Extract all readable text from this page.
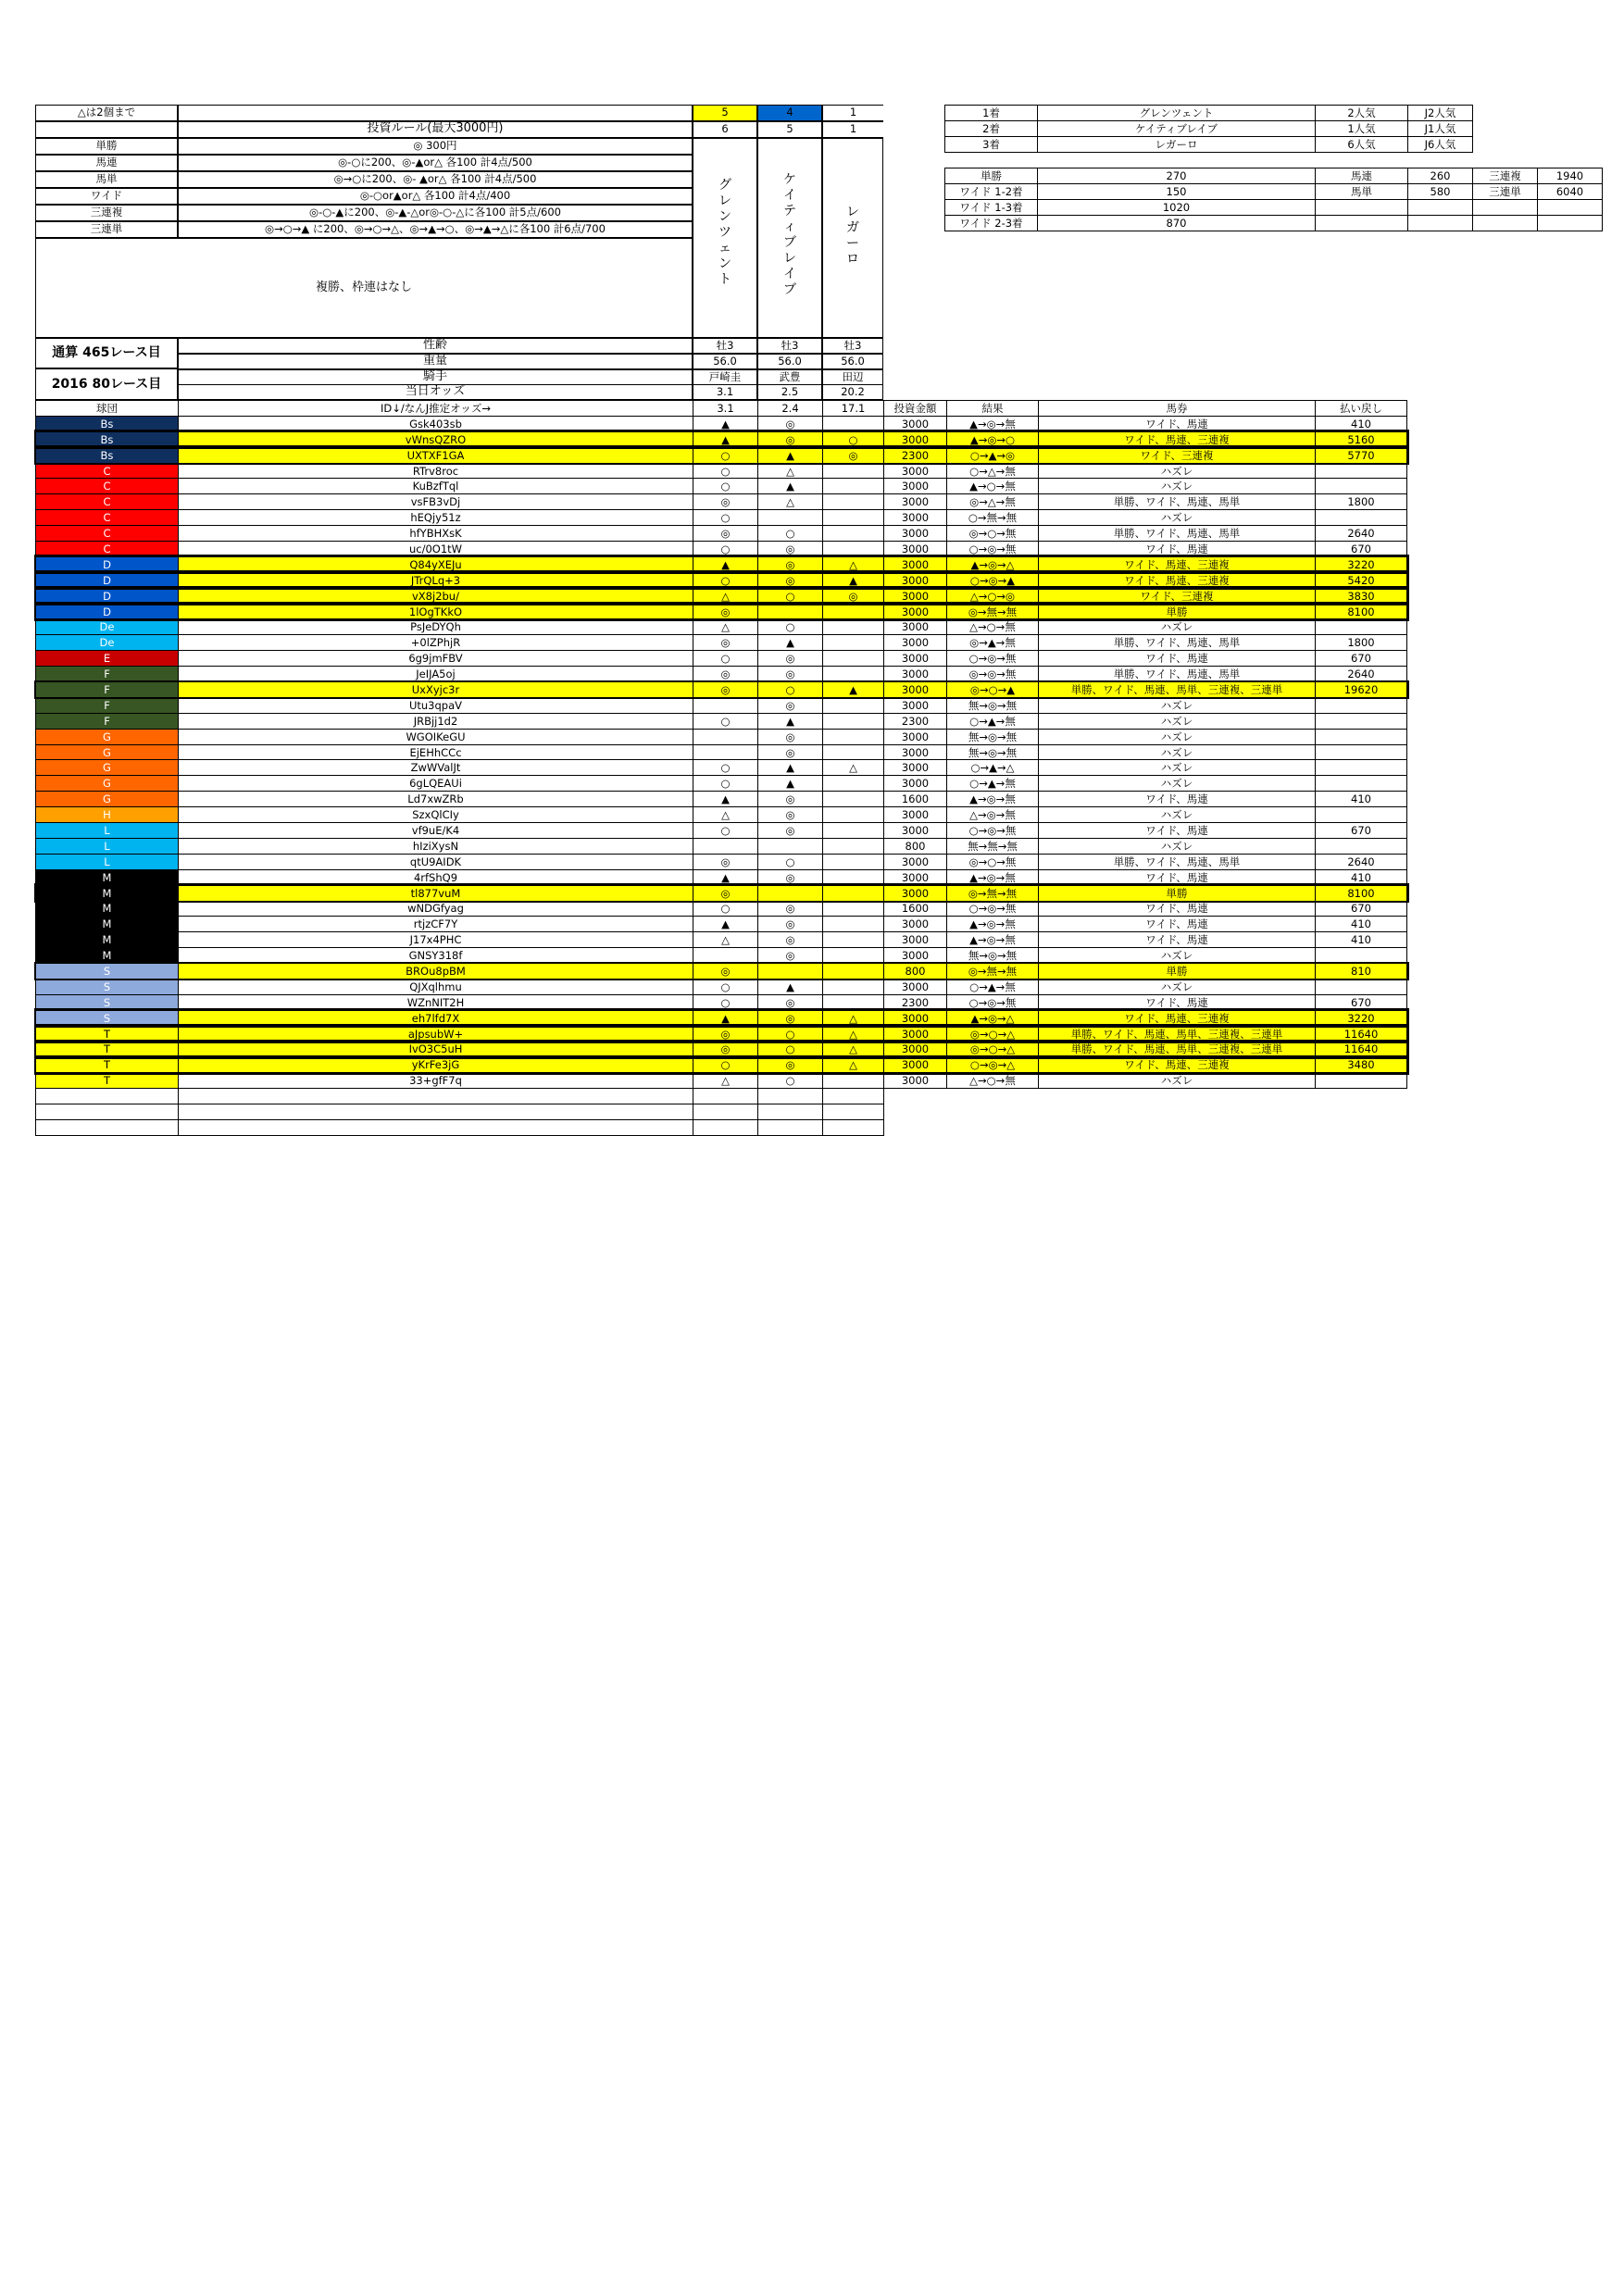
△は2個まで	5	4	1
投資ルール(最大3000円)	6	5	1
単勝	◎ 300円
馬連	◎-○に200、◎-▲or△ 各100 計4点/500
馬単	◎→○に200、◎- ▲or△ 各100 計4点/500
ワイド	◎-○or▲or△ 各100 計4点/400
三連複	◎-○-▲に200、◎-▲-△or◎-○-△に各100 計5点/600
三連単	◎→○→▲ に200、◎→○→△、◎→▲→○、◎→▲→△に各100 計6点/700
複勝、枠連はなし
グレンツェント
ケイティブレイブ
レガーロ
通算 465レース目
2016 80レース目
性齢	牡3	牡3	牡3
重量	56.0	56.0	56.0
騎手	戸崎圭	武豊	田辺
当日オッズ	3.1	2.5	20.2
1着	グレンツェント	2人気	J2人気
2着	ケイティブレイブ	1人気	J1人気
3着	レガーロ	6人気	J6人気
単勝	270	馬連	260	三連複	1940
ワイド 1-2着	150	馬単	580	三連単	6040
ワイド 1-3着	1020				
ワイド 2-3着	870				
球団	ID↓/なんJ推定オッズ→	3.1	2.4	17.1	投資金額	結果	馬券	払い戻し
Bs	Gsk403sb	▲	◎		3000	▲→◎→無	ワイド、馬連	410
Bs	vWnsQZRO	▲	◎	○	3000	▲→◎→○	ワイド、馬連、三連複	5160
Bs	UXTXF1GA	○	▲	◎	2300	○→▲→◎	ワイド、三連複	5770
C	RTrv8roc	○	△		3000	○→△→無	ハズレ	
C	KuBzfTql	○	▲		3000	▲→○→無	ハズレ	
C	vsFB3vDj	◎	△		3000	◎→△→無	単勝、ワイド、馬連、馬単	1800
C	hEQjy51z	○			3000	○→無→無	ハズレ	
C	hfYBHXsK	◎	○		3000	◎→○→無	単勝、ワイド、馬連、馬単	2640
C	uc/0O1tW	○	◎		3000	○→◎→無	ワイド、馬連	670
D	Q84yXEJu	▲	◎	△	3000	▲→◎→△	ワイド、馬連、三連複	3220
D	JTrQLq+3	○	◎	▲	3000	○→◎→▲	ワイド、馬連、三連複	5420
D	vX8j2bu/	△	○	◎	3000	△→○→◎	ワイド、三連複	3830
D	1lOgTKkO	◎			3000	◎→無→無	単勝	8100
De	PsJeDYQh	△	○		3000	△→○→無	ハズレ	
De	+0lZPhjR	◎	▲		3000	◎→▲→無	単勝、ワイド、馬連、馬単	1800
E	6g9jmFBV	○	◎		3000	○→◎→無	ワイド、馬連	670
F	JeIJA5oj	◎	◎		3000	◎→◎→無	単勝、ワイド、馬連、馬単	2640
F	UxXyjc3r	◎	○	▲	3000	◎→○→▲	単勝、ワイド、馬連、馬単、三連複、三連単	19620
F	Utu3qpaV		◎		3000	無→◎→無	ハズレ	
F	JRBjj1d2	○	▲		2300	○→▲→無	ハズレ	
G	WGOIKeGU		◎		3000	無→◎→無	ハズレ	
G	EjEHhCCc		◎		3000	無→◎→無	ハズレ	
G	ZwWValJt	○	▲	△	3000	○→▲→△	ハズレ	
G	6gLQEAUi	○	▲		3000	○→▲→無	ハズレ	
G	Ld7xwZRb	▲	◎		1600	▲→◎→無	ワイド、馬連	410
H	SzxQlCIy	△	◎		3000	△→◎→無	ハズレ	
L	vf9uE/K4	○	◎		3000	○→◎→無	ワイド、馬連	670
L	hIziXysN				800	無→無→無	ハズレ	
L	qtU9AIDK	◎	○		3000	◎→○→無	単勝、ワイド、馬連、馬単	2640
M	4rfShQ9	▲	◎		3000	▲→◎→無	ワイド、馬連	410
M	tl877vuM	◎			3000	◎→無→無	単勝	8100
M	wNDGfyag	○	◎		1600	○→◎→無	ワイド、馬連	670
M	rtjzCF7Y	▲	◎		3000	▲→◎→無	ワイド、馬連	410
M	J17x4PHC	△	◎		3000	▲→◎→無	ワイド、馬連	410
M	GNSY318f		◎		3000	無→◎→無	ハズレ	
S	BROu8pBM	◎			800	◎→無→無	単勝	810
S	QJXqlhmu	○	▲		3000	○→▲→無	ハズレ	
S	WZnNIT2H	○	◎		2300	○→◎→無	ワイド、馬連	670
S	eh7lfd7X	▲	◎	△	3000	▲→◎→△	ワイド、馬連、三連複	3220
T	aJpsubW+	◎	○	△	3000	◎→○→△	単勝、ワイド、馬連、馬単、三連複、三連単	11640
T	IvO3C5uH	◎	○	△	3000	◎→○→△	単勝、ワイド、馬連、馬単、三連複、三連単	11640
T	yKrFe3jG	○	◎	△	3000	○→◎→△	ワイド、馬連、三連複	3480
T	33+gfF7q	△	○		3000	△→○→無	ハズレ	
